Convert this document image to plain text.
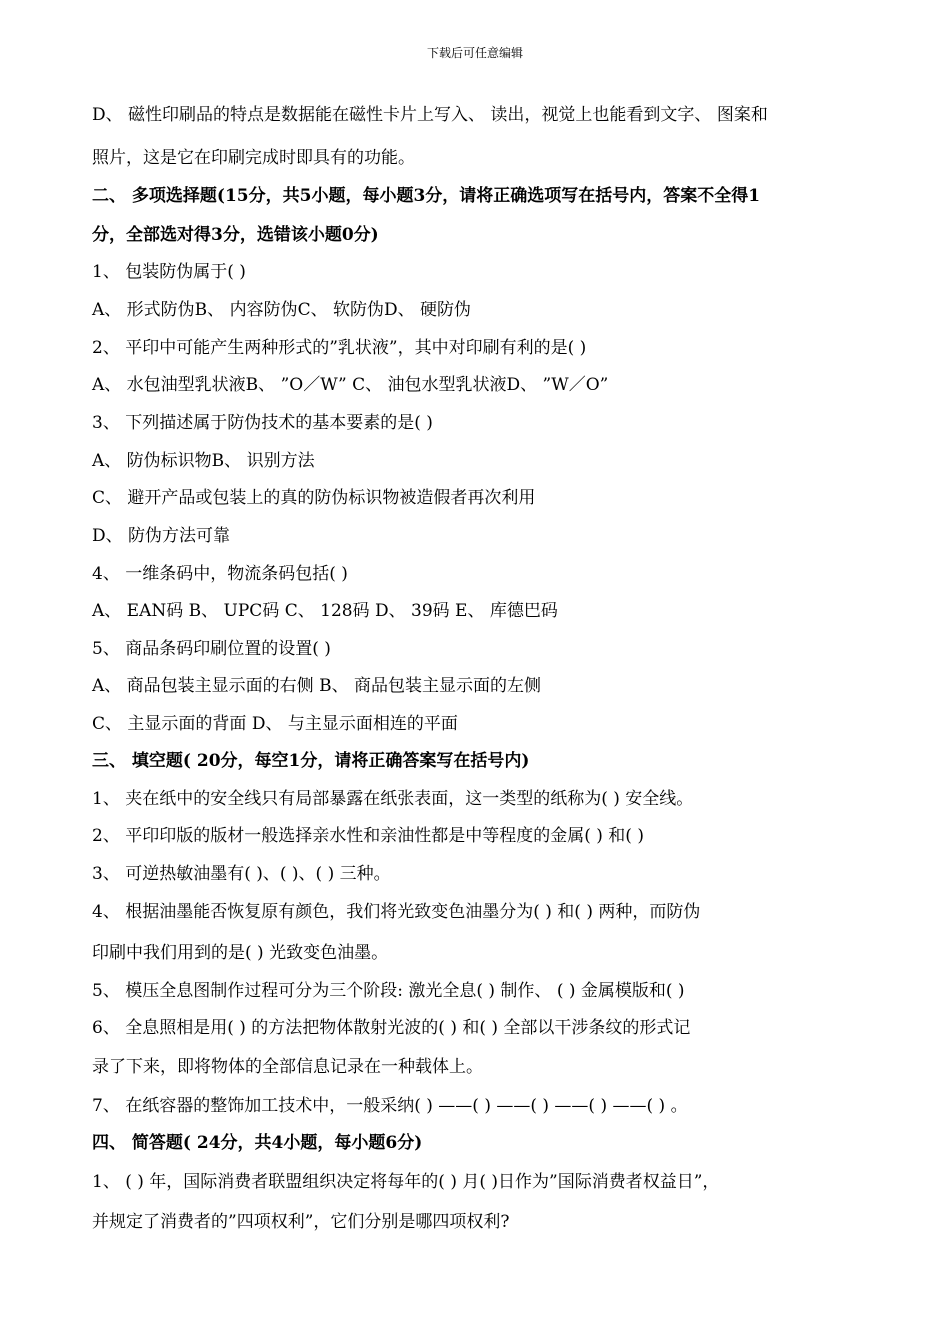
下载后可任意编辑
D、 磁性印刷品的特点是数据能在磁性卡片上写入、 读出，视觉上也能看到文字、 图案和
照片，这是它在印刷完成时即具有的功能。
二、 多项选择题(15分，共5小题，每小题3分，请将正确选项写在括号内，答案不全得1
分，全部选对得3分，选错该小题0分)
1、 包装防伪属于( )
A、 形式防伪B、 内容防伪C、 软防伪D、 硬防伪
2、 平印中可能产生两种形式的”乳状液”，其中对印刷有利的是( )
A、 水包油型乳状液B、 ”O／W” C、 油包水型乳状液D、 ”W／O”
3、 下列描述属于防伪技术的基本要素的是( )
A、 防伪标识物B、 识别方法
C、 避开产品或包装上的真的防伪标识物被造假者再次利用
D、 防伪方法可靠
4、 一维条码中，物流条码包括( )
A、 EAN码 B、 UPC码 C、 128码 D、 39码 E、 库德巴码
5、 商品条码印刷位置的设置( )
A、 商品包装主显示面的右侧 B、 商品包装主显示面的左侧
C、 主显示面的背面 D、 与主显示面相连的平面
三、 填空题( 20分，每空1分，请将正确答案写在括号内)
1、 夹在纸中的安全线只有局部暴露在纸张表面，这一类型的纸称为( ) 安全线。
2、 平印印版的版材一般选择亲水性和亲油性都是中等程度的金属( ) 和( )
3、 可逆热敏油墨有( )、( )、( ) 三种。
4、 根据油墨能否恢复原有颜色，我们将光致变色油墨分为( ) 和( ) 两种，而防伪
印刷中我们用到的是( ) 光致变色油墨。
5、 模压全息图制作过程可分为三个阶段: 激光全息( ) 制作、 ( ) 金属模版和( )
6、 全息照相是用( ) 的方法把物体散射光波的( ) 和( ) 全部以干涉条纹的形式记
录了下来，即将物体的全部信息记录在一种载体上。
7、 在纸容器的整饰加工技术中，一般采纳( ) ——( ) ——( ) ——( ) ——( ) 。
四、 简答题( 24分，共4小题，每小题6分)
1、 ( ) 年，国际消费者联盟组织决定将每年的( ) 月( )日作为”国际消费者权益日”，
并规定了消费者的”四项权利”，它们分别是哪四项权利?
